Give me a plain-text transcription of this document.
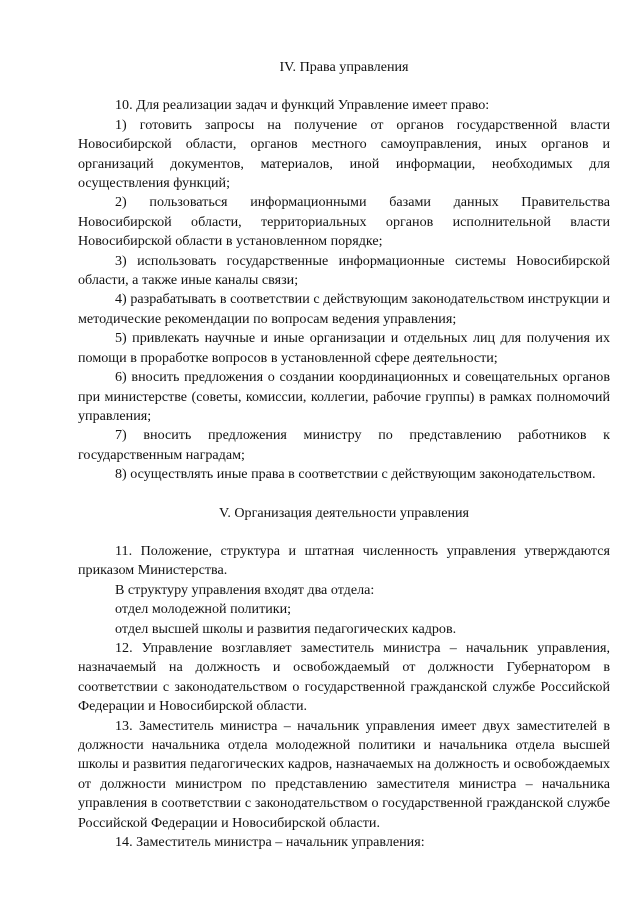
IV. Права управления

10. Для реализации задач и функций Управление имеет право:

1) готовить запросы на получение от органов государственной власти Новосибирской области, органов местного самоуправления, иных органов и организаций документов, материалов, иной информации, необходимых для осуществления функций;

2) пользоваться информационными базами данных Правительства Новосибирской области, территориальных органов исполнительной власти Новосибирской области в установленном порядке;

3) использовать государственные информационные системы Новосибирской области, а также иные каналы связи;

4) разрабатывать в соответствии с действующим законодательством инструкции и методические рекомендации по вопросам ведения управления;

5) привлекать научные и иные организации и отдельных лиц для получения их помощи в проработке вопросов в установленной сфере деятельности;

6) вносить предложения о создании координационных и совещательных органов при министерстве (советы, комиссии, коллегии, рабочие группы) в рамках полномочий управления;

7) вносить предложения министру по представлению работников к государственным наградам;

8) осуществлять иные права в соответствии с действующим законодательством.

V. Организация деятельности управления

11. Положение, структура и штатная численность управления утверждаются приказом Министерства.

В структуру управления входят два отдела:

отдел молодежной политики;

отдел высшей школы и развития педагогических кадров.

12. Управление возглавляет заместитель министра – начальник управления, назначаемый на должность и освобождаемый от должности Губернатором в соответствии с законодательством о государственной гражданской службе Российской Федерации и Новосибирской области.

13. Заместитель министра – начальник управления имеет двух заместителей в должности начальника отдела молодежной политики и начальника отдела высшей школы и развития педагогических кадров, назначаемых на должность и освобождаемых от должности министром по представлению заместителя министра – начальника управления в соответствии с законодательством о государственной гражданской службе Российской Федерации и Новосибирской области.

14. Заместитель министра – начальник управления:
